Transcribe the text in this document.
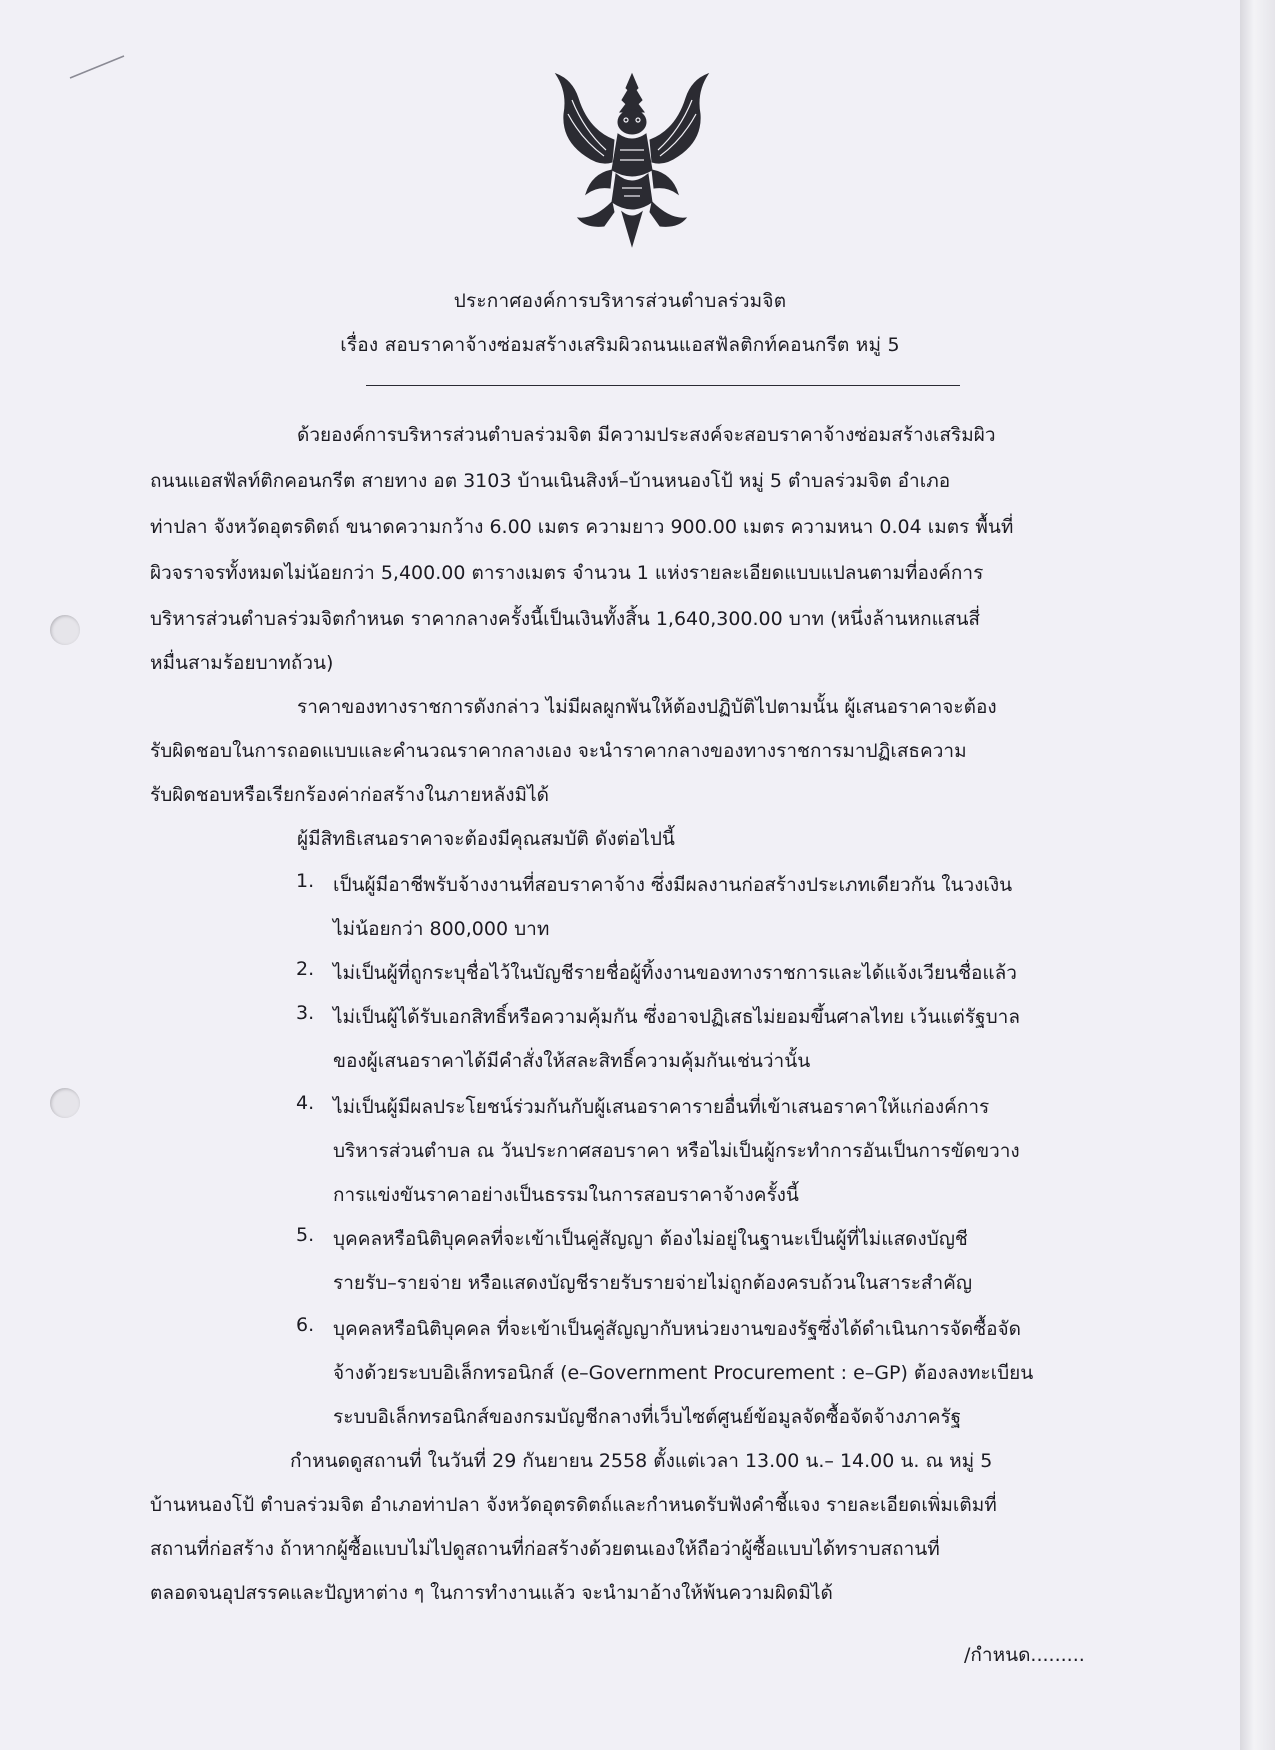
ประกาศองค์การบริหารส่วนตำบลร่วมจิต
เรื่อง สอบราคาจ้างซ่อมสร้างเสริมผิวถนนแอสฟัลติกท์คอนกรีต หมู่ 5
ด้วยองค์การบริหารส่วนตำบลร่วมจิต มีความประสงค์จะสอบราคาจ้างซ่อมสร้างเสริมผิว
ถนนแอสฟัลท์ติกคอนกรีต สายทาง อต 3103 บ้านเนินสิงห์–บ้านหนองโป้ หมู่ 5 ตำบลร่วมจิต อำเภอ
ท่าปลา จังหวัดอุตรดิตถ์ ขนาดความกว้าง 6.00 เมตร ความยาว 900.00 เมตร ความหนา 0.04 เมตร พื้นที่
ผิวจราจรทั้งหมดไม่น้อยกว่า 5,400.00 ตารางเมตร จำนวน 1 แห่งรายละเอียดแบบแปลนตามที่องค์การ
บริหารส่วนตำบลร่วมจิตกำหนด ราคากลางครั้งนี้เป็นเงินทั้งสิ้น 1,640,300.00 บาท (หนึ่งล้านหกแสนสี่
หมื่นสามร้อยบาทถ้วน)
ราคาของทางราชการดังกล่าว ไม่มีผลผูกพันให้ต้องปฏิบัติไปตามนั้น ผู้เสนอราคาจะต้อง
รับผิดชอบในการถอดแบบและคำนวณราคากลางเอง จะนำราคากลางของทางราชการมาปฏิเสธความ
รับผิดชอบหรือเรียกร้องค่าก่อสร้างในภายหลังมิได้
ผู้มีสิทธิเสนอราคาจะต้องมีคุณสมบัติ ดังต่อไปนี้
1. เป็นผู้มีอาชีพรับจ้างงานที่สอบราคาจ้าง ซึ่งมีผลงานก่อสร้างประเภทเดียวกัน ในวงเงิน
ไม่น้อยกว่า 800,000 บาท
2. ไม่เป็นผู้ที่ถูกระบุชื่อไว้ในบัญชีรายชื่อผู้ทิ้งงานของทางราชการและได้แจ้งเวียนชื่อแล้ว
3. ไม่เป็นผู้ได้รับเอกสิทธิ์หรือความคุ้มกัน ซึ่งอาจปฏิเสธไม่ยอมขึ้นศาลไทย เว้นแต่รัฐบาล
ของผู้เสนอราคาได้มีคำสั่งให้สละสิทธิ์ความคุ้มกันเช่นว่านั้น
4. ไม่เป็นผู้มีผลประโยชน์ร่วมกันกับผู้เสนอราคารายอื่นที่เข้าเสนอราคาให้แก่องค์การ
บริหารส่วนตำบล ณ วันประกาศสอบราคา หรือไม่เป็นผู้กระทำการอันเป็นการขัดขวาง
การแข่งขันราคาอย่างเป็นธรรมในการสอบราคาจ้างครั้งนี้
5. บุคคลหรือนิติบุคคลที่จะเข้าเป็นคู่สัญญา ต้องไม่อยู่ในฐานะเป็นผู้ที่ไม่แสดงบัญชี
รายรับ–รายจ่าย หรือแสดงบัญชีรายรับรายจ่ายไม่ถูกต้องครบถ้วนในสาระสำคัญ
6. บุคคลหรือนิติบุคคล ที่จะเข้าเป็นคู่สัญญากับหน่วยงานของรัฐซึ่งได้ดำเนินการจัดซื้อจัด
จ้างด้วยระบบอิเล็กทรอนิกส์ (e–Government Procurement : e–GP) ต้องลงทะเบียน
ระบบอิเล็กทรอนิกส์ของกรมบัญชีกลางที่เว็บไซต์ศูนย์ข้อมูลจัดซื้อจัดจ้างภาครัฐ
กำหนดดูสถานที่ ในวันที่ 29 กันยายน 2558 ตั้งแต่เวลา 13.00 น.– 14.00 น. ณ หมู่ 5
บ้านหนองโป้ ตำบลร่วมจิต อำเภอท่าปลา จังหวัดอุตรดิตถ์และกำหนดรับฟังคำชี้แจง รายละเอียดเพิ่มเติมที่
สถานที่ก่อสร้าง ถ้าหากผู้ซื้อแบบไม่ไปดูสถานที่ก่อสร้างด้วยตนเองให้ถือว่าผู้ซื้อแบบได้ทราบสถานที่
ตลอดจนอุปสรรคและปัญหาต่าง ๆ ในการทำงานแล้ว จะนำมาอ้างให้พ้นความผิดมิได้
/กำหนด.........
